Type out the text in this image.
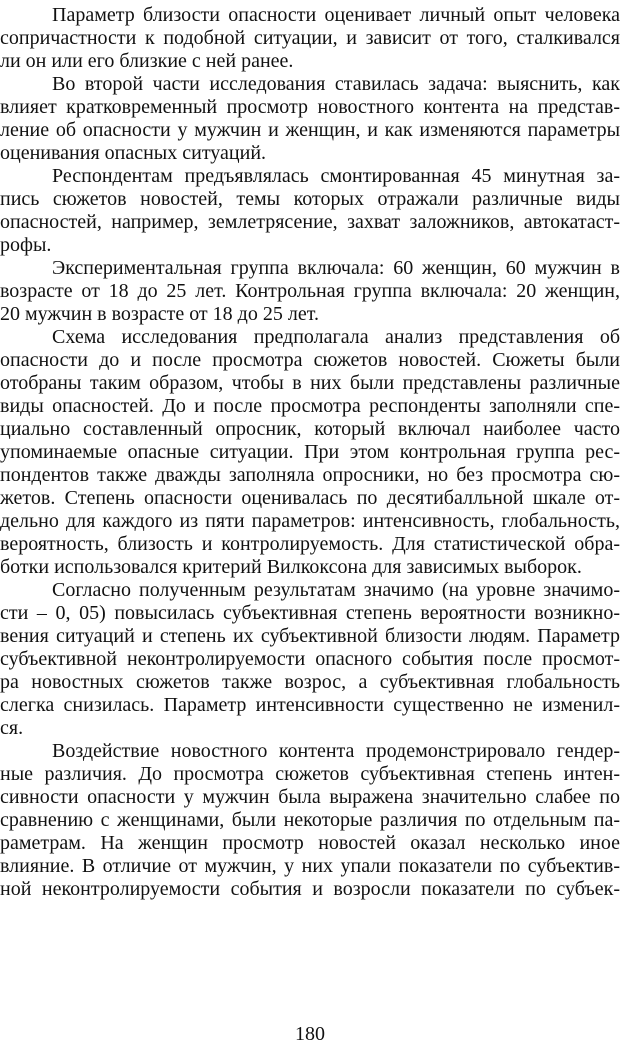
Параметр близости опасности оценивает личный опыт человека
сопричастности к подобной ситуации, и зависит от того, сталкивался
ли он или его близкие с ней ранее.
Во второй части исследования ставилась задача: выяснить, как
влияет кратковременный просмотр новостного контента на представ-
ление об опасности у мужчин и женщин, и как изменяются параметры
оценивания опасных ситуаций.
Респондентам предъявлялась смонтированная 45 минутная за-
пись сюжетов новостей, темы которых отражали различные виды
опасностей, например, землетрясение, захват заложников, автокатаст-
рофы.
Экспериментальная группа включала: 60 женщин, 60 мужчин в
возрасте от 18 до 25 лет. Контрольная группа включала: 20 женщин,
20 мужчин в возрасте от 18 до 25 лет.
Схема исследования предполагала анализ представления об
опасности до и после просмотра сюжетов новостей. Сюжеты были
отобраны таким образом, чтобы в них были представлены различные
виды опасностей. До и после просмотра респонденты заполняли спе-
циально составленный опросник, который включал наиболее часто
упоминаемые опасные ситуации. При этом контрольная группа рес-
пондентов также дважды заполняла опросники, но без просмотра сю-
жетов. Степень опасности оценивалась по десятибалльной шкале от-
дельно для каждого из пяти параметров: интенсивность, глобальность,
вероятность, близость и контролируемость. Для статистической обра-
ботки использовался критерий Вилкоксона для зависимых выборок.
Согласно полученным результатам значимо (на уровне значимо-
сти – 0, 05) повысилась субъективная степень вероятности возникно-
вения ситуаций и степень их субъективной близости людям. Параметр
субъективной неконтролируемости опасного события после просмот-
ра новостных сюжетов также возрос, а субъективная глобальность
слегка снизилась. Параметр интенсивности существенно не изменил-
ся.
Воздействие новостного контента продемонстрировало гендер-
ные различия. До просмотра сюжетов субъективная степень интен-
сивности опасности у мужчин была выражена значительно слабее по
сравнению с женщинами, были некоторые различия по отдельным па-
раметрам. На женщин просмотр новостей оказал несколько иное
влияние. В отличие от мужчин, у них упали показатели по субъектив-
ной неконтролируемости события и возросли показатели по субъек-
180
